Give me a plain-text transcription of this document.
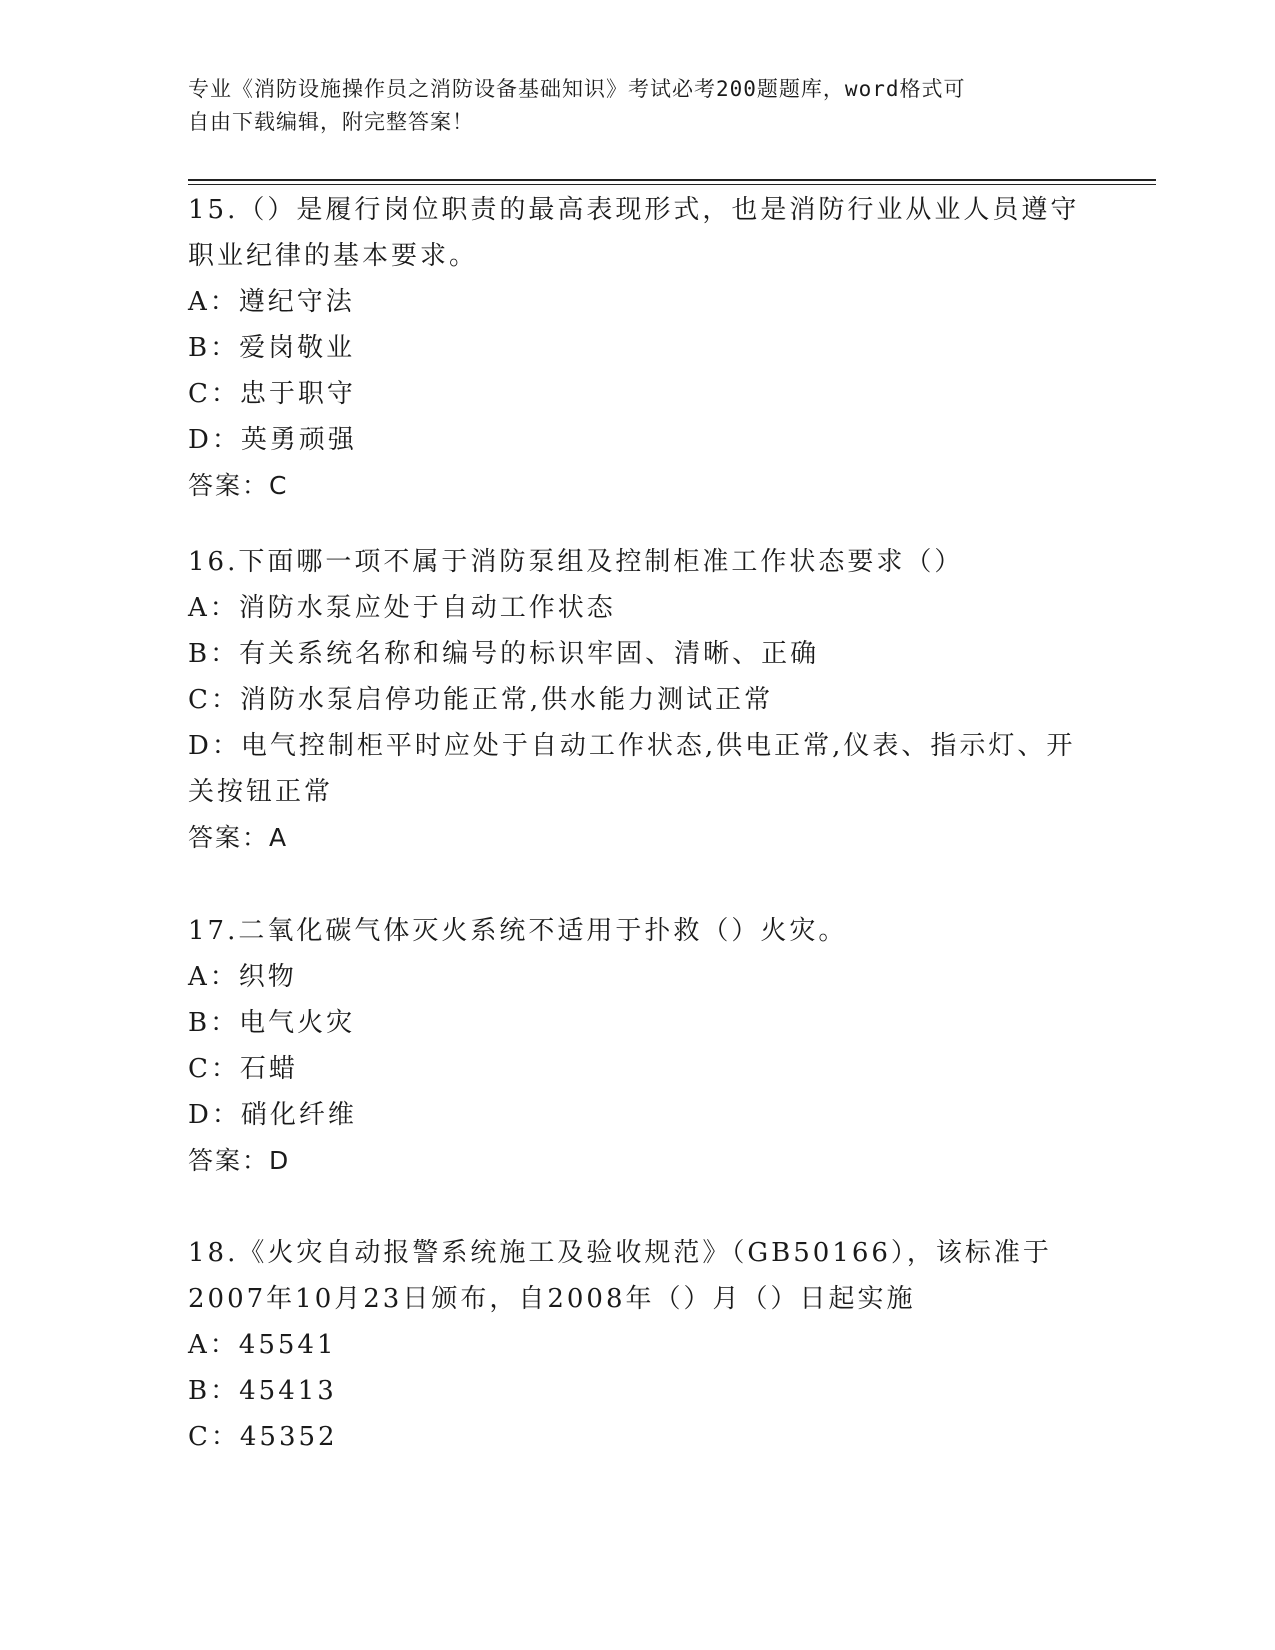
专业《消防设施操作员之消防设备基础知识》考试必考200题题库，word格式可
自由下载编辑，附完整答案！
15.（）是履行岗位职责的最高表现形式，也是消防行业从业人员遵守
职业纪律的基本要求。
A：遵纪守法
B：爱岗敬业
C：忠于职守
D：英勇顽强
答案：C
16.下面哪一项不属于消防泵组及控制柜准工作状态要求（）
A：消防水泵应处于自动工作状态
B：有关系统名称和编号的标识牢固、清晰、正确
C：消防水泵启停功能正常,供水能力测试正常
D：电气控制柜平时应处于自动工作状态,供电正常,仪表、指示灯、开
关按钮正常
答案：A
17.二氧化碳气体灭火系统不适用于扑救（）火灾。
A：织物
B：电气火灾
C：石蜡
D：硝化纤维
答案：D
18.《火灾自动报警系统施工及验收规范》（GB50166），该标准于
2007年10月23日颁布，自2008年（）月（）日起实施
A：45541
B：45413
C：45352
